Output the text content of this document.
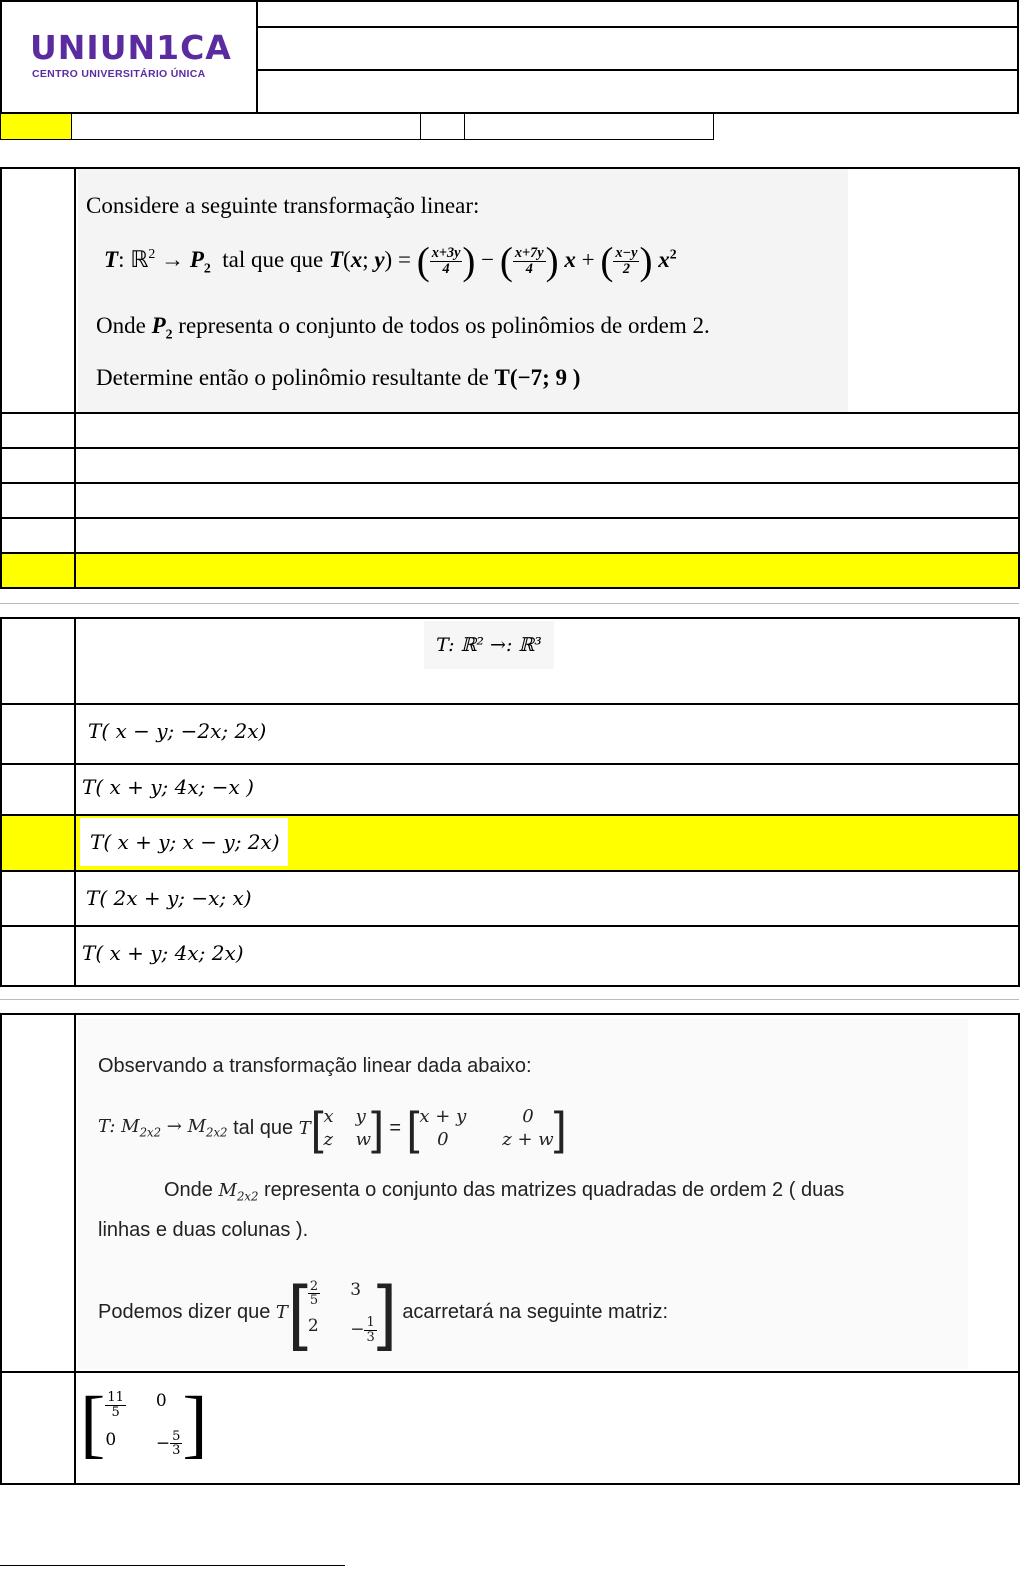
UNIUN1CA
CENTRO UNIVERSITÁRIO ÚNICA
Considere a seguinte transformação linear:
T: ℝ$^2$ → $P_2$ tal que que T(x; y) = ( $\frac{x+3y}{4}$ ) − ( $\frac{x+7y}{4}$ ) x + ( $\frac{x-y}{2}$ ) $x^2$
Onde $P_2$ representa o conjunto de todos os polinômios de ordem 2.
Determine então o polinômio resultante de T(−7; 9 )
T: ℝ² →: ℝ³
T( x − y; −2x; 2x)
T( x + y; 4x; −x )
T( x + y; x − y; 2x)
T( 2x + y; −x; x)
T( x + y; 4x; 2x)
Observando a transformação linear dada abaixo:
T: $M_{2x2} \to M_{2x2}$
tal que
T [ x y
z w ] = [ x + y	0
0	z + w ]
Onde $M_{2x2}$ representa o conjunto das matrizes quadradas de ordem 2 ( duas
linhas e duas colunas ).
Podemos dizer que
T [ $\frac{2}{5} 3$
$2 - \frac{1}{3}$ ]
acarretará na seguinte matriz:
[ $\frac{11}{5} 0$
0	− $\frac{5}{3}$ ]
